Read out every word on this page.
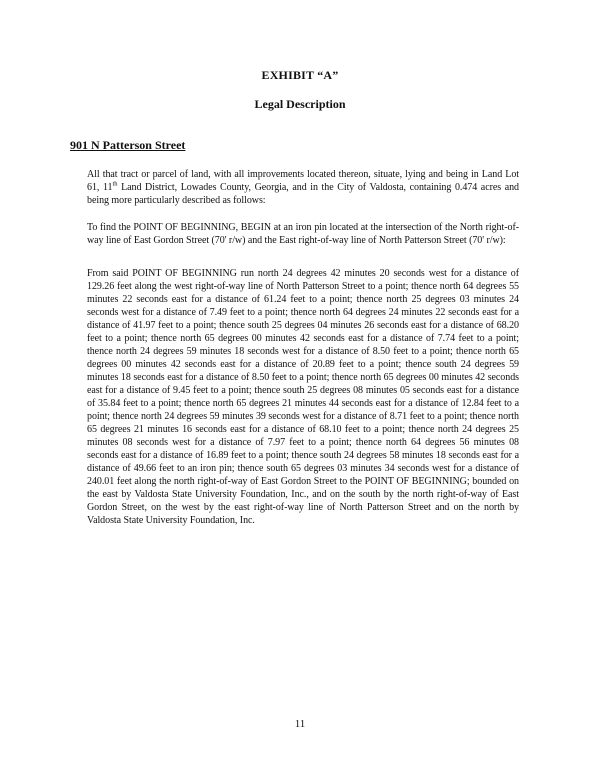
EXHIBIT “A”
Legal Description
901 N Patterson Street
All that tract or parcel of land, with all improvements located thereon, situate, lying and being in Land Lot 61, 11th Land District, Lowades County, Georgia, and in the City of Valdosta, containing 0.474 acres and being more particularly described as follows:
To find the POINT OF BEGINNING, BEGIN at an iron pin located at the intersection of the North right-of-way line of East Gordon Street (70' r/w) and the East right-of-way line of North Patterson Street (70' r/w):
From said POINT OF BEGINNING run north 24 degrees 42 minutes 20 seconds west for a distance of 129.26 feet along the west right-of-way line of North Patterson Street to a point; thence north 64 degrees 55 minutes 22 seconds east for a distance of 61.24 feet to a point; thence north 25 degrees 03 minutes 24 seconds west for a distance of 7.49 feet to a point; thence north 64 degrees 24 minutes 22 seconds east for a distance of 41.97 feet to a point; thence south 25 degrees 04 minutes 26 seconds east for a distance of 68.20 feet to a point; thence north 65 degrees 00 minutes 42 seconds east for a distance of 7.74 feet to a point; thence north 24 degrees 59 minutes 18 seconds west for a distance of 8.50 feet to a point; thence north 65 degrees 00 minutes 42 seconds east for a distance of 20.89 feet to a point; thence south 24 degrees 59 minutes 18 seconds east for a distance of 8.50 feet to a point; thence north 65 degrees 00 minutes 42 seconds east for a distance of 9.45 feet to a point; thence south 25 degrees 08 minutes 05 seconds east for a distance of 35.84 feet to a point; thence north 65 degrees 21 minutes 44 seconds east for a distance of 12.84 feet to a point; thence north 24 degrees 59 minutes 39 seconds west for a distance of 8.71 feet to a point; thence north 65 degrees 21 minutes 16 seconds east for a distance of 68.10 feet to a point; thence north 24 degrees 25 minutes 08 seconds west for a distance of 7.97 feet to a point; thence north 64 degrees 56 minutes 08 seconds east for a distance of 16.89 feet to a point; thence south 24 degrees 58 minutes 18 seconds east for a distance of 49.66 feet to an iron pin; thence south 65 degrees 03 minutes 34 seconds west for a distance of 240.01 feet along the north right-of-way of East Gordon Street to the POINT OF BEGINNING; bounded on the east by Valdosta State University Foundation, Inc., and on the south by the north right-of-way of East Gordon Street, on the west by the east right-of-way line of North Patterson Street and on the north by Valdosta State University Foundation, Inc.
11
